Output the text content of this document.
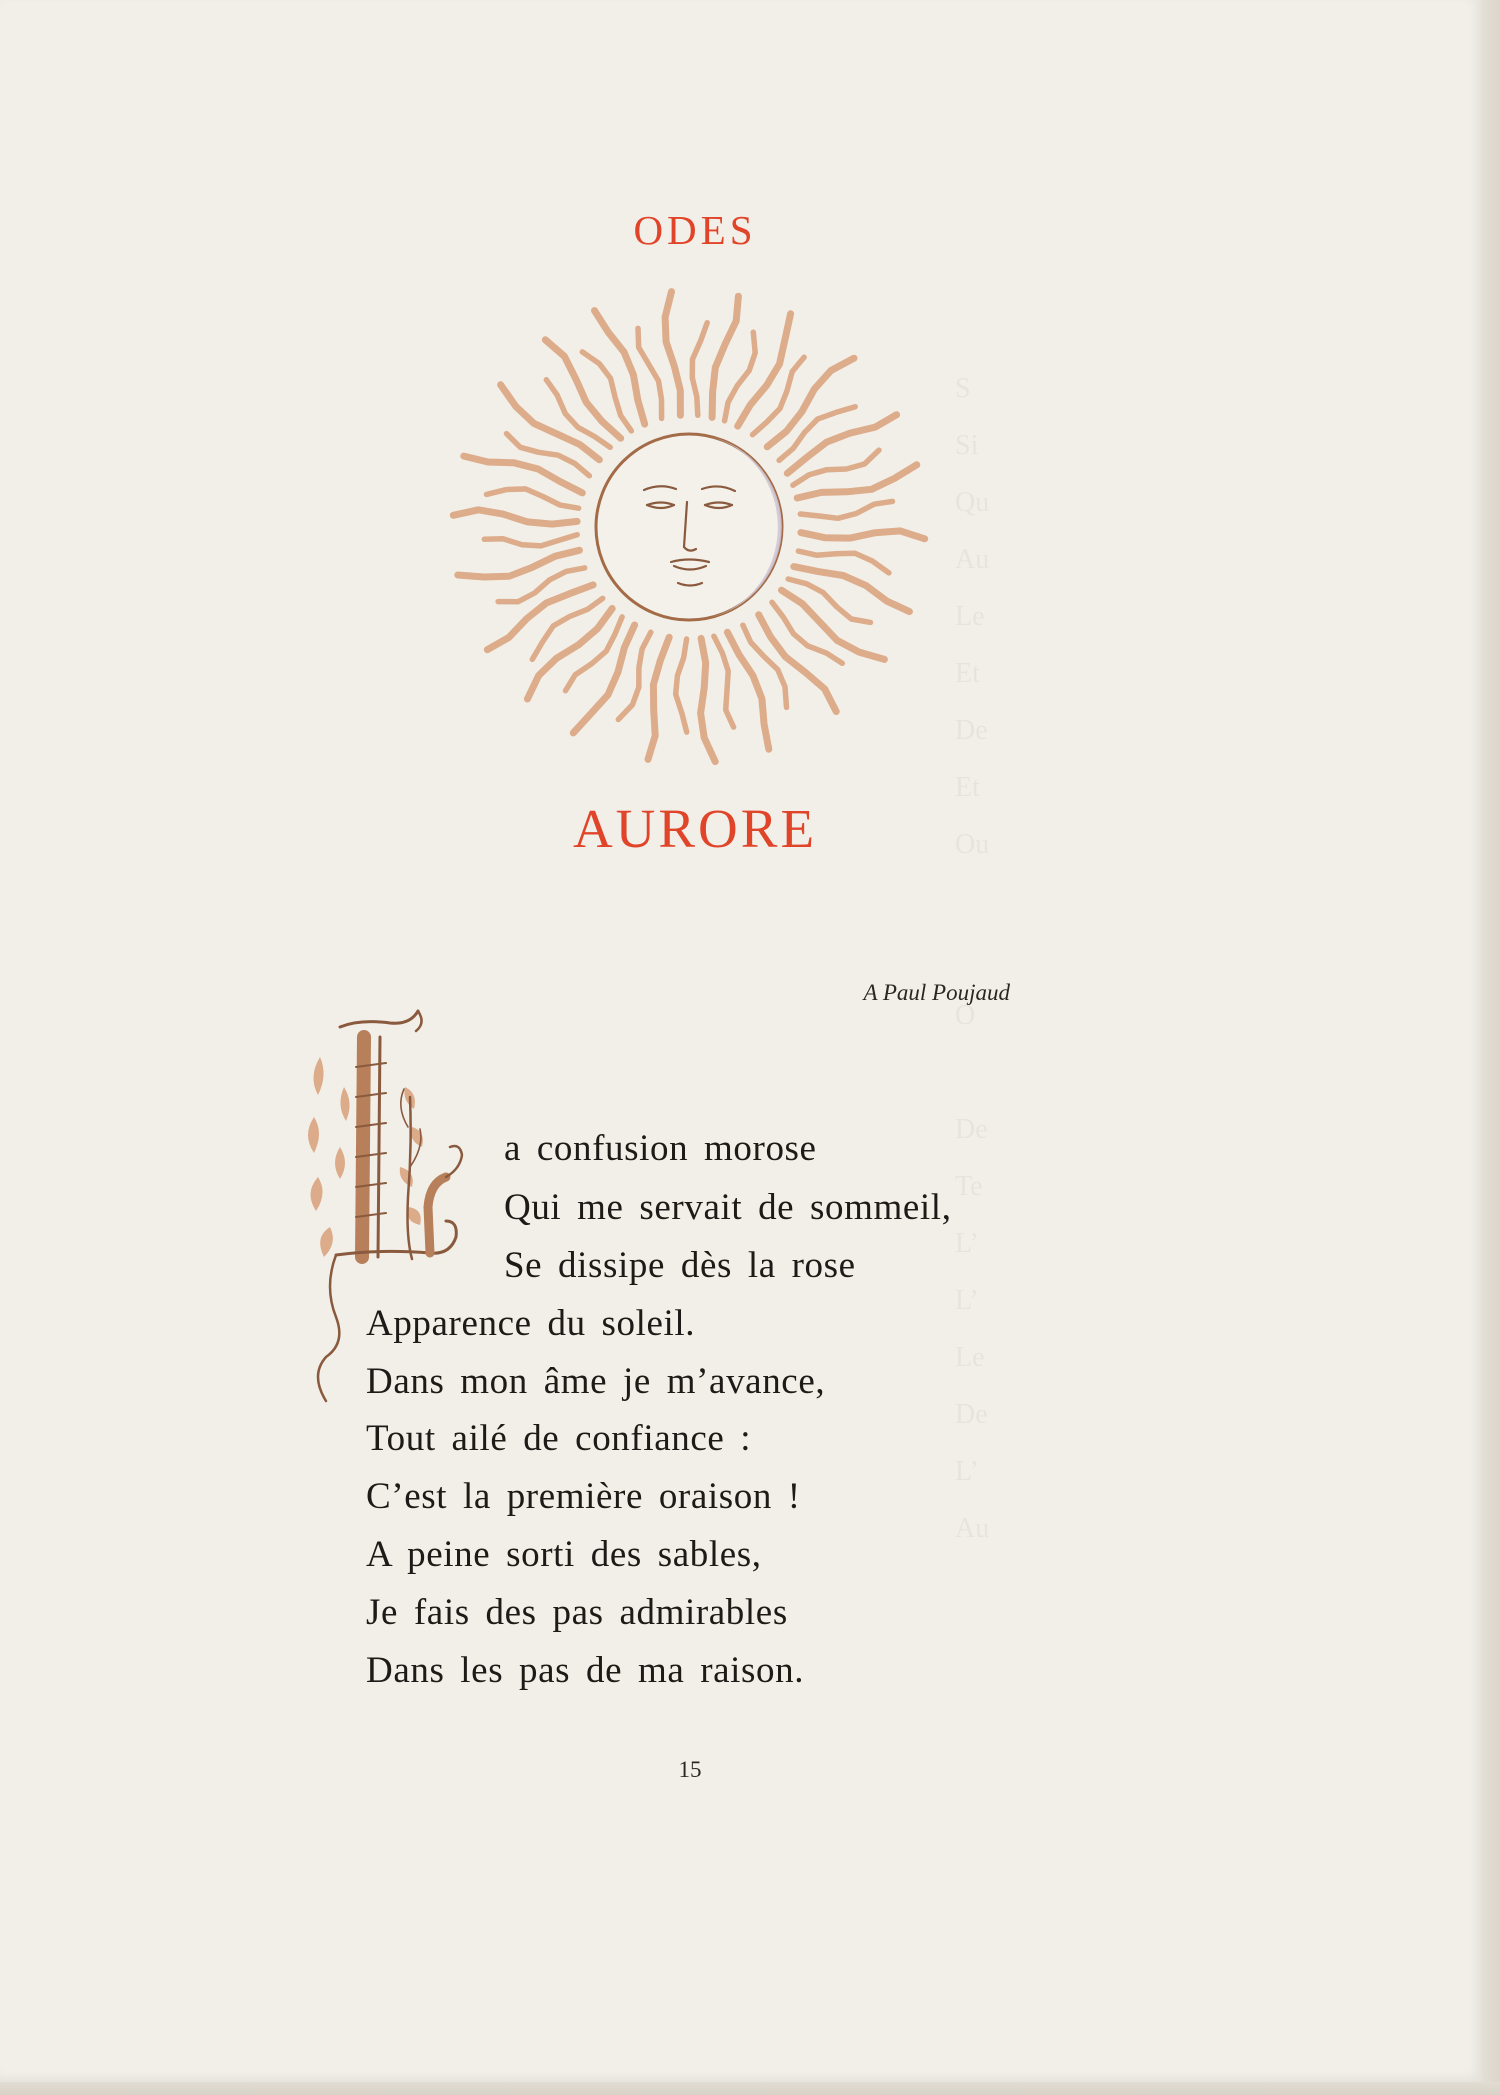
S
Si
Qu
Au
Le
Et
De
Et
Ou

O

De
Te
L’
L’
Le
De
L’
Au
ODES
AURORE

A Paul Poujaud

a confusion morose
Qui me servait de sommeil,
Se dissipe dès la rose
Apparence du soleil.
Dans mon âme je m’avance,
Tout ailé de confiance :
C’est la première oraison !
A peine sorti des sables,
Je fais des pas admirables
Dans les pas de ma raison.

15
